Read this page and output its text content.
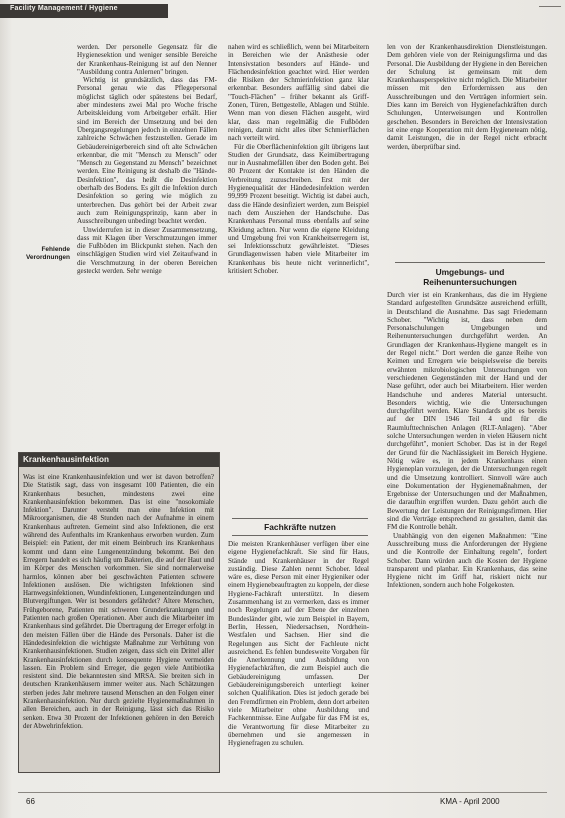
Facility Management / Hygiene
Fehlende Verordnungen

werden. Der personelle Gegensatz für die Hygienesektion und weniger sensible Bereiche der Krankenhaus-Reinigung ist auf den Nenner "Ausbildung contra Anlernen" bringen.

Wichtig ist grundsätzlich, dass das FM-Personal genau wie das Pflegepersonal möglichst täglich oder spätestens bei Bedarf, aber mindestens zwei Mal pro Woche frische Arbeitskleidung vom Arbeitgeber erhält. Hier sind im Bereich der Umsetzung und bei den Übergangsregelungen jedoch in einzelnen Fällen zahlreiche Schwächen festzustellen. Gerade im Gebäudereinigerbereich sind oft alte Schwächen erkennbar, die mit "Mensch zu Mensch" oder "Mensch zu Gegenstand zu Mensch" bezeichnet werden. Eine Reinigung ist deshalb die "Hände-Desinfektion", das heißt die Desinfektion oberhalb des Bodens. Es gilt die Infektion durch Desinfektion so gering wie möglich zu unterbrechen. Das gehört bei der Arbeit zwar auch zum Reinigungsprinzip, kann aber in Ausschreibungen unbedingt beachtet werden.

Unwiderrufen ist in dieser Zusammensetzung, dass mit Klagen über Verschmutzungen immer die Fußböden im Blickpunkt stehen. Nach den einschlägigen Studien wird viel Zeitaufwand in die Verschmutzung in der oberen Bereichen gesteckt werden. Sehr wenige

nahen wird es schließlich, wenn bei Mitarbeitern in Bereichen wie der Anästhesie oder Intensivstation besonders auf Hände- und Flächendesinfektion geachtet wird. Hier werden die Risiken der Schmierinfektion ganz klar erkennbar. Besonders auffällig sind dabei die "Touch-Flächen" – früher bekannt als Griff-Zonen, Türen, Bettgestelle, Ablagen und Stühle. Wenn man von diesen Flächen ausgeht, wird klar, dass man regelmäßig die Fußböden reinigen, damit nicht alles über Schmierflächen nach verteilt wird.

Für die Oberflächeninfektion gilt übrigens laut Studien der Grundsatz, dass Keimübertragung nur in Ausnahmefällen über den Boden geht. Bei 80 Prozent der Kontakte ist den Händen die Verbreitung zuzuschreiben. Erst mit der Hygienequalität der Händedesinfektion werden 99,999 Prozent beseitigt. Wichtig ist dabei auch, dass die Hände desinfiziert werden, zum Beispiel nach dem Ausziehen der Handschuhe. Das Krankenhaus Personal muss ebenfalls auf seine Kleidung achten. Nur wenn die eigene Kleidung und Umgebung frei von Krankheitserregern ist, sei Infektionsschutz gewährleistet. "Dieses Grundlagenwissen haben viele Mitarbeiter im Krankenhaus bis heute nicht verinnerlicht", kritisiert Schober.

Fachkräfte nutzen

Die meisten Krankenhäuser verfügen über eine eigene Hygienefachkraft. Sie sind für Haus, Stände und Krankenhäuser in der Regel zuständig. Diese Zahlen nennt Schober. Ideal wäre es, diese Person mit einer Hygieniker oder einem Hygienebeauftragten zu koppeln, der diese Hygiene-Fachkraft unterstützt. In diesem Zusammenhang ist zu vermerken, dass es immer noch Regelungen auf der Ebene der einzelnen Bundesländer gibt, wie zum Beispiel in Bayern, Berlin, Hessen, Niedersachsen, Nordrhein-Westfalen und Sachsen. Hier sind die Regelungen aus Sicht der Fachleute nicht ausreichend. Es fehlen bundesweite Vorgaben für die Anerkennung und Ausbildung von Hygienefachkräften, die zum Beispiel auch die Gebäudereinigung umfassen. Der Gebäudereinigungsbereich unterliegt keiner solchen Qualifikation. Dies ist jedoch gerade bei den Fremdfirmen ein Problem, denn dort arbeiten viele Mitarbeiter ohne Ausbildung und Fachkenntnisse. Eine Aufgabe für das FM ist es, die Verantwortung für diese Mitarbeiter zu übernehmen und sie angemessen in Hygienefragen zu schulen.

len von der Krankenhausdirektion Dienstleistungen. Dem gehören viele von der Reinigungsfirma und das Personal. Die Ausbildung der Hygiene in den Bereichen der Schulung ist gemeinsam mit dem Krankenhausperspektive nicht möglich. Die Mitarbeiter müssen mit den Erfordernissen aus den Ausschreibungen und den Verträgen informiert sein. Dies kann im Bereich von Hygienefachkräften durch Schulungen, Unterweisungen und Kontrollen geschehen. Besonders in Bereichen der Intensivstation ist eine enge Kooperation mit dem Hygieneteam nötig, damit Leistungen, die in der Regel nicht erbracht werden, überprüfbar sind.

Durch vier ist ein Krankenhaus, das die im Hygiene Standard aufgestellten Grundsätze ausreichend erfüllt, in Deutschland die Ausnahme. Das sagt Friedemann Schober. "Wichtig ist, dass neben dem Personalschulungen Umgebungen und Reihenuntersuchungen durchgeführt werden. An Grundlagen der Krankenhaus-Hygiene mangelt es in der Regel nicht." Dort werden die ganze Reihe von Keimen und Erregern wie beispielsweise die bereits erwähnten mikrobiologischen Untersuchungen von verschiedenen Gegenständen mit der Hand und der Nase geführt, oder auch bei Mitarbeitern. Hier werden Handschuhe und anderes Material untersucht. Besonders wichtig, wie die Untersuchungen durchgeführt werden. Klare Standards gibt es bereits auf der DIN 1946 Teil 4 und für die Raumlufttechnischen Anlagen (RLT-Anlagen). "Aber solche Untersuchungen werden in vielen Häusern nicht durchgeführt", moniert Schober. Das ist in der Regel der Grund für die Nachlässigkeit im Bereich Hygiene. Nötig wäre es, in jedem Krankenhaus einen Hygieneplan vorzulegen, der die Untersuchungen regelt und die Umsetzung kontrolliert. Sinnvoll wäre auch eine Dokumentation der Hygienemaßnahmen, der Ergebnisse der Untersuchungen und der Maßnahmen, die daraufhin ergriffen wurden. Dazu gehört auch die Bewertung der Leistungen der Reinigungsfirmen. Hier sind die Verträge entsprechend zu gestalten, damit das FM die Kontrolle behält.

Unabhängig von den eigenen Maßnahmen: "Eine Ausschreibung muss die Anforderungen der Hygiene und die Kontrolle der Einhaltung regeln", fordert Schober. Dann würden auch die Kosten der Hygiene transparent und planbar. Ein Krankenhaus, das seine Hygiene nicht im Griff hat, riskiert nicht nur Infektionen, sondern auch hohe Folgekosten.

Umgebungs- und Reihenuntersuchungen
Krankenhausinfektion

Was ist eine Krankenhausinfektion und wer ist davon betroffen? Die Statistik sagt, dass von insgesamt 100 Patienten, die ein Krankenhaus besuchen, mindestens zwei eine Krankenhausinfektion bekommen. Das ist eine "nosokomiale Infektion". Darunter versteht man eine Infektion mit Mikroorganismen, die 48 Stunden nach der Aufnahme in einem Krankenhaus auftreten. Gemeint sind also Infektionen, die erst während des Aufenthalts im Krankenhaus erworben wurden. Zum Beispiel: ein Patient, der mit einem Beinbruch ins Krankenhaus kommt und dann eine Lungenentzündung bekommt. Bei den Erregern handelt es sich häufig um Bakterien, die auf der Haut und im Körper des Menschen vorkommen. Sie sind normalerweise harmlos, können aber bei geschwächten Patienten schwere Infektionen auslösen. Die wichtigsten Infektionen sind Harnwegsinfektionen, Wundinfektionen, Lungenentzündungen und Blutvergiftungen. Wer ist besonders gefährdet? Ältere Menschen, Frühgeborene, Patienten mit schweren Grunderkrankungen und Patienten nach großen Operationen. Aber auch die Mitarbeiter im Krankenhaus sind gefährdet. Die Übertragung der Erreger erfolgt in den meisten Fällen über die Hände des Personals. Daher ist die Händedesinfektion die wichtigste Maßnahme zur Verhütung von Krankenhausinfektionen. Studien zeigen, dass sich ein Drittel aller Krankenhausinfektionen durch konsequente Hygiene vermeiden lassen. Ein Problem sind Erreger, die gegen viele Antibiotika resistent sind. Die bekanntesten sind MRSA. Sie breiten sich in deutschen Krankenhäusern immer weiter aus. Nach Schätzungen sterben jedes Jahr mehrere tausend Menschen an den Folgen einer Krankenhausinfektion. Nur durch gezielte Hygienemaßnahmen in allen Bereichen, auch in der Reinigung, lässt sich das Risiko senken. Etwa 30 Prozent der Infektionen gehören in den Bereich der Abwehrinfektion.

66	KMA - April 2000
